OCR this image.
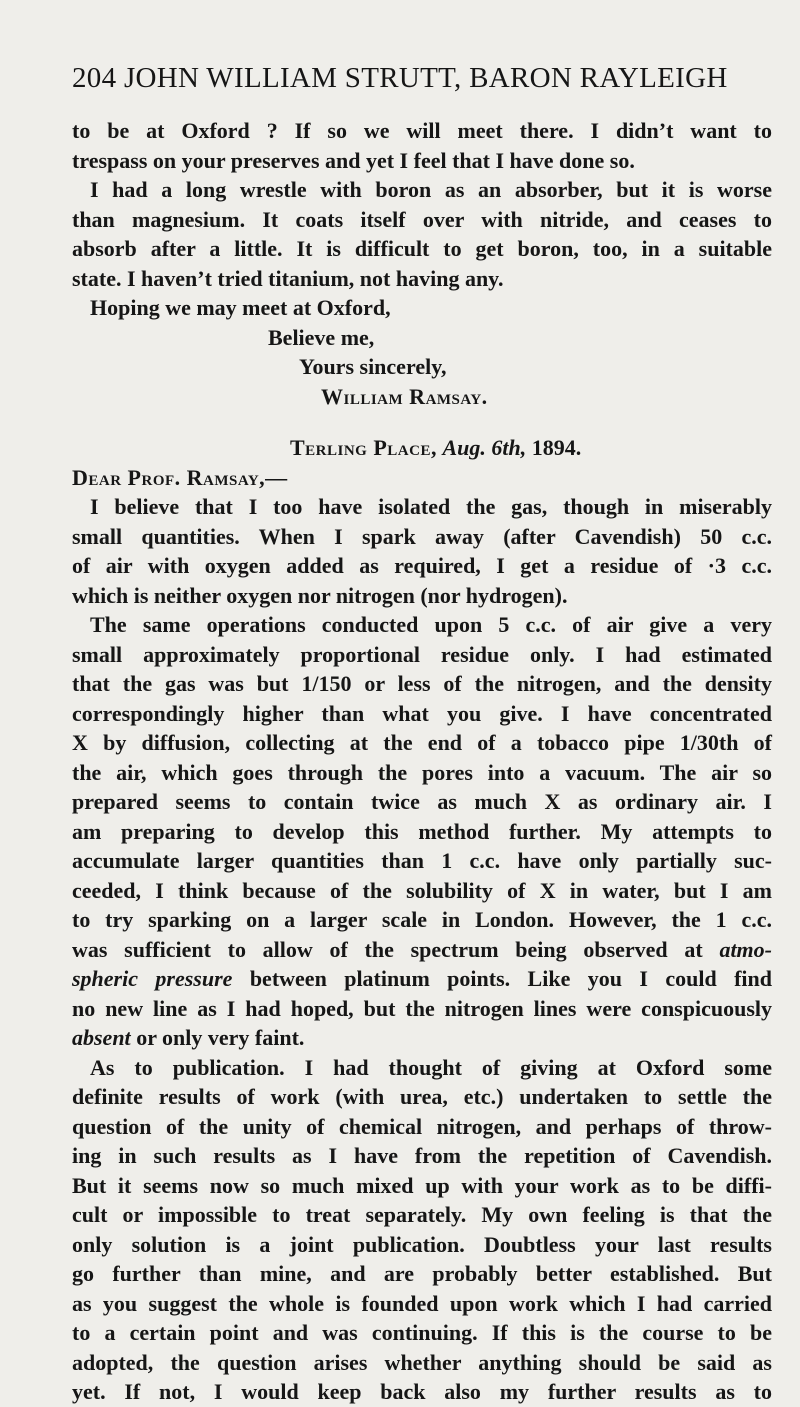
204 JOHN WILLIAM STRUTT, BARON RAYLEIGH
to be at Oxford ? If so we will meet there. I didn’t want to
trespass on your preserves and yet I feel that I have done so.
I had a long wrestle with boron as an absorber, but it is worse
than magnesium. It coats itself over with nitride, and ceases to
absorb after a little. It is difficult to get boron, too, in a suitable
state. I haven’t tried titanium, not having any.
Hoping we may meet at Oxford,
Believe me,
Yours sincerely,
William Ramsay.
Terling Place, Aug. 6th, 1894.
Dear Prof. Ramsay,—
I believe that I too have isolated the gas, though in miserably
small quantities. When I spark away (after Cavendish) 50 c.c.
of air with oxygen added as required, I get a residue of ·3 c.c.
which is neither oxygen nor nitrogen (nor hydrogen).
The same operations conducted upon 5 c.c. of air give a very
small approximately proportional residue only. I had estimated
that the gas was but 1/150 or less of the nitrogen, and the density
correspondingly higher than what you give. I have concentrated
X by diffusion, collecting at the end of a tobacco pipe 1/30th of
the air, which goes through the pores into a vacuum. The air so
prepared seems to contain twice as much X as ordinary air. I
am preparing to develop this method further. My attempts to
accumulate larger quantities than 1 c.c. have only partially suc-
ceeded, I think because of the solubility of X in water, but I am
to try sparking on a larger scale in London. However, the 1 c.c.
was sufficient to allow of the spectrum being observed at atmo-
spheric pressure between platinum points. Like you I could find
no new line as I had hoped, but the nitrogen lines were conspicuously
absent or only very faint.
As to publication. I had thought of giving at Oxford some
definite results of work (with urea, etc.) undertaken to settle the
question of the unity of chemical nitrogen, and perhaps of throw-
ing in such results as I have from the repetition of Cavendish.
But it seems now so much mixed up with your work as to be diffi-
cult or impossible to treat separately. My own feeling is that the
only solution is a joint publication. Doubtless your last results
go further than mine, and are probably better established. But
as you suggest the whole is founded upon work which I had carried
to a certain point and was continuing. If this is the course to be
adopted, the question arises whether anything should be said as
yet. If not, I would keep back also my further results as to
